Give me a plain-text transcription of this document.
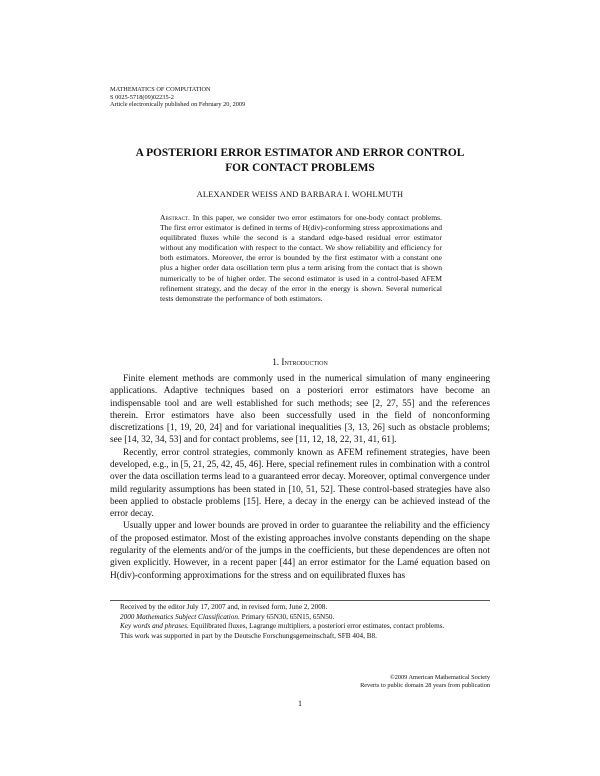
MATHEMATICS OF COMPUTATION
S 0025-5718(09)02235-2
Article electronically published on February 20, 2009
A POSTERIORI ERROR ESTIMATOR AND ERROR CONTROL
FOR CONTACT PROBLEMS
ALEXANDER WEISS AND BARBARA I. WOHLMUTH
Abstract. In this paper, we consider two error estimators for one-body contact problems. The first error estimator is defined in terms of H(div)-conforming stress approximations and equilibrated fluxes while the second is a standard edge-based residual error estimator without any modification with respect to the contact. We show reliability and efficiency for both estimators. Moreover, the error is bounded by the first estimator with a constant one plus a higher order data oscillation term plus a term arising from the contact that is shown numerically to be of higher order. The second estimator is used in a control-based AFEM refinement strategy, and the decay of the error in the energy is shown. Several numerical tests demonstrate the performance of both estimators.
1. Introduction

Finite element methods are commonly used in the numerical simulation of many engineering applications. Adaptive techniques based on a posteriori error estimators have become an indispensable tool and are well established for such methods; see [2, 27, 55] and the references therein. Error estimators have also been successfully used in the field of nonconforming discretizations [1, 19, 20, 24] and for variational inequalities [3, 13, 26] such as obstacle problems; see [14, 32, 34, 53] and for contact problems, see [11, 12, 18, 22, 31, 41, 61].

Recently, error control strategies, commonly known as AFEM refinement strategies, have been developed, e.g., in [5, 21, 25, 42, 45, 46]. Here, special refinement rules in combination with a control over the data oscillation terms lead to a guaranteed error decay. Moreover, optimal convergence under mild regularity assumptions has been stated in [10, 51, 52]. These control-based strategies have also been applied to obstacle problems [15]. Here, a decay in the energy can be achieved instead of the error decay.

Usually upper and lower bounds are proved in order to guarantee the reliability and the efficiency of the proposed estimator. Most of the existing approaches involve constants depending on the shape regularity of the elements and/or of the jumps in the coefficients, but these dependences are often not given explicitly. However, in a recent paper [44] an error estimator for the Lamé equation based on H(div)-conforming approximations for the stress and on equilibrated fluxes has

Received by the editor July 17, 2007 and, in revised form, June 2, 2008.

2000 Mathematics Subject Classification. Primary 65N30, 65N15, 65N50.

Key words and phrases. Equilibrated fluxes, Lagrange multipliers, a posteriori error estimates, contact problems.

This work was supported in part by the Deutsche Forschungsgemeinschaft, SFB 404, B8.

©2009 American Mathematical Society
Reverts to public domain 28 years from publication
1
